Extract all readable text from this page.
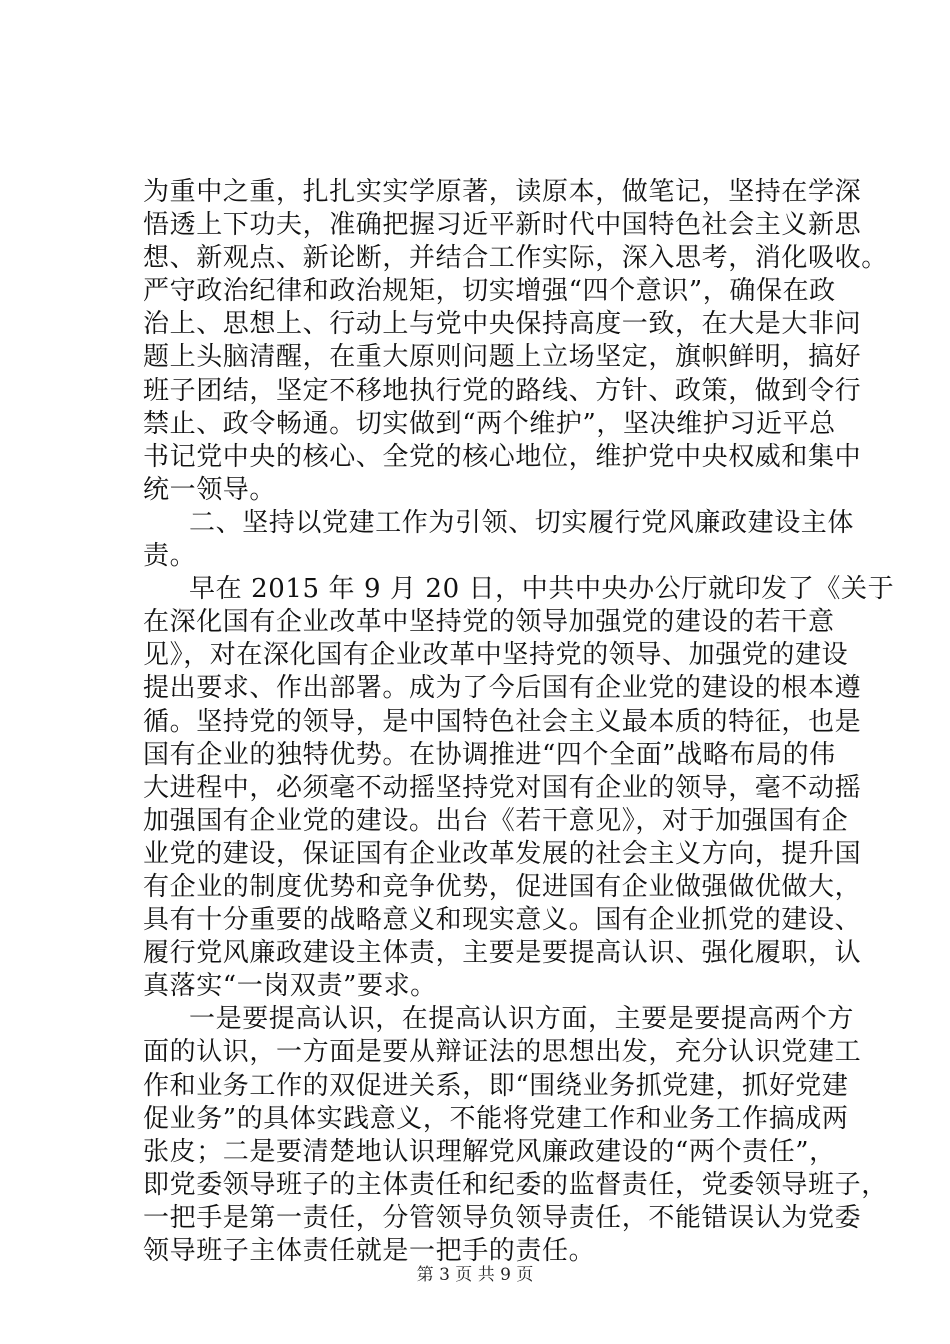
为重中之重，扎扎实实学原著，读原本，做笔记，坚持在学深
悟透上下功夫，准确把握习近平新时代中国特色社会主义新思
想、新观点、新论断，并结合工作实际，深入思考，消化吸收。
严守政治纪律和政治规矩，切实增强“四个意识”，确保在政
治上、思想上、行动上与党中央保持高度一致，在大是大非问
题上头脑清醒，在重大原则问题上立场坚定，旗帜鲜明，搞好
班子团结，坚定不移地执行党的路线、方针、政策，做到令行
禁止、政令畅通。切实做到“两个维护”，坚决维护习近平总
书记党中央的核心、全党的核心地位，维护党中央权威和集中
统一领导。
二、坚持以党建工作为引领、切实履行党风廉政建设主体
责。
早在 2015 年 9 月 20 日，中共中央办公厅就印发了《关于
在深化国有企业改革中坚持党的领导加强党的建设的若干意
见》，对在深化国有企业改革中坚持党的领导、加强党的建设
提出要求、作出部署。成为了今后国有企业党的建设的根本遵
循。坚持党的领导，是中国特色社会主义最本质的特征，也是
国有企业的独特优势。在协调推进“四个全面”战略布局的伟
大进程中，必须毫不动摇坚持党对国有企业的领导，毫不动摇
加强国有企业党的建设。出台《若干意见》，对于加强国有企
业党的建设，保证国有企业改革发展的社会主义方向，提升国
有企业的制度优势和竞争优势，促进国有企业做强做优做大，
具有十分重要的战略意义和现实意义。国有企业抓党的建设、
履行党风廉政建设主体责，主要是要提高认识、强化履职，认
真落实“一岗双责”要求。
一是要提高认识，在提高认识方面，主要是要提高两个方
面的认识，一方面是要从辩证法的思想出发，充分认识党建工
作和业务工作的双促进关系，即“围绕业务抓党建，抓好党建
促业务”的具体实践意义，不能将党建工作和业务工作搞成两
张皮；二是要清楚地认识理解党风廉政建设的“两个责任”，
即党委领导班子的主体责任和纪委的监督责任，党委领导班子，
一把手是第一责任，分管领导负领导责任，不能错误认为党委
领导班子主体责任就是一把手的责任。
第 3 页 共 9 页
